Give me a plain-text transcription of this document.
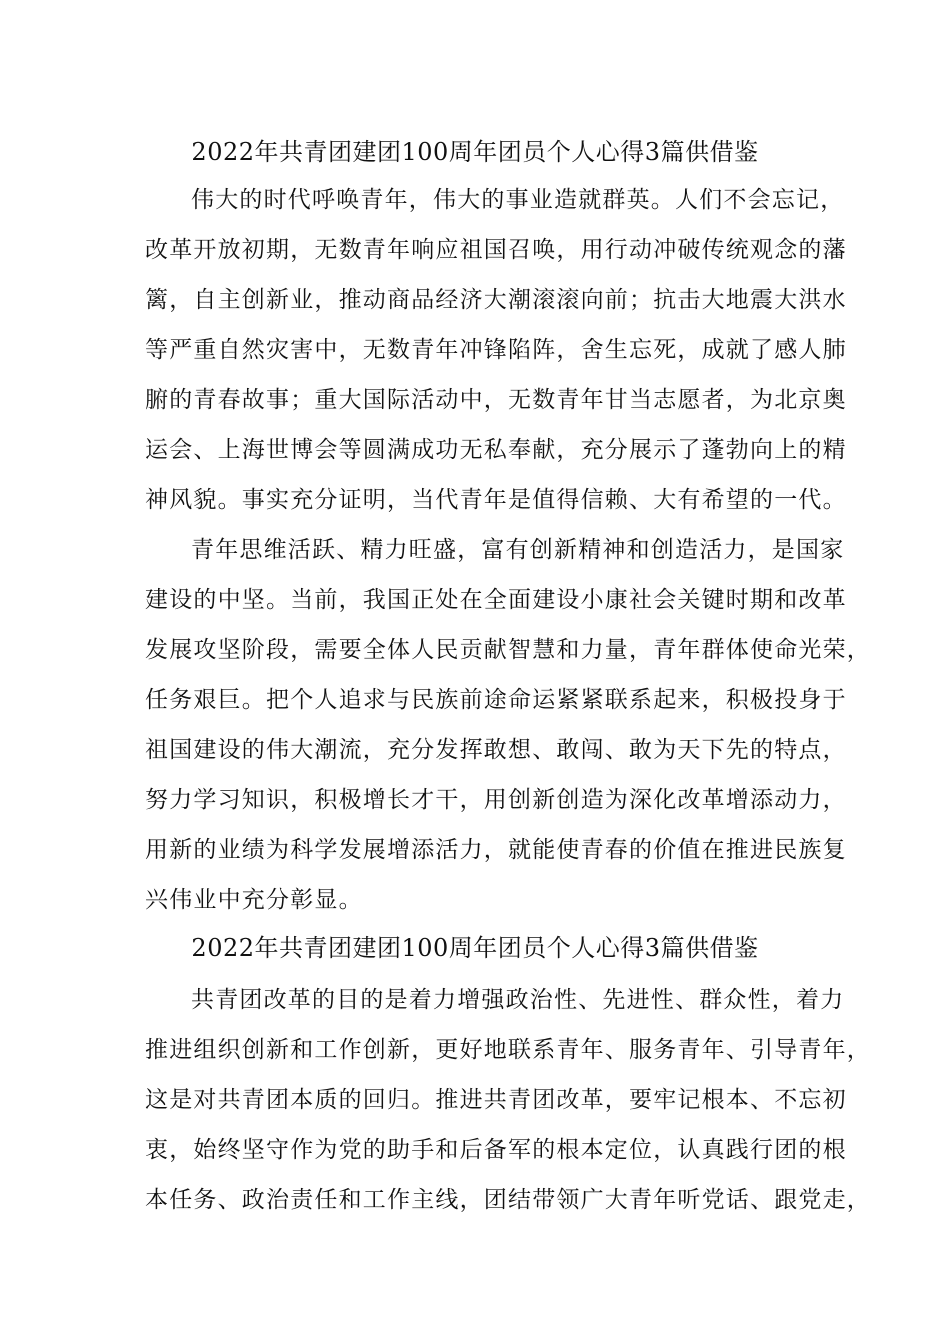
2022年共青团建团100周年团员个人心得3篇供借鉴
伟大的时代呼唤青年，伟大的事业造就群英。人们不会忘记，
改革开放初期，无数青年响应祖国召唤，用行动冲破传统观念的藩
篱，自主创新业，推动商品经济大潮滚滚向前；抗击大地震大洪水
等严重自然灾害中，无数青年冲锋陷阵，舍生忘死，成就了感人肺
腑的青春故事；重大国际活动中，无数青年甘当志愿者，为北京奥
运会、上海世博会等圆满成功无私奉献，充分展示了蓬勃向上的精
神风貌。事实充分证明，当代青年是值得信赖、大有希望的一代。
青年思维活跃、精力旺盛，富有创新精神和创造活力，是国家
建设的中坚。当前，我国正处在全面建设小康社会关键时期和改革
发展攻坚阶段，需要全体人民贡献智慧和力量，青年群体使命光荣，
任务艰巨。把个人追求与民族前途命运紧紧联系起来，积极投身于
祖国建设的伟大潮流，充分发挥敢想、敢闯、敢为天下先的特点，
努力学习知识，积极增长才干，用创新创造为深化改革增添动力，
用新的业绩为科学发展增添活力，就能使青春的价值在推进民族复
兴伟业中充分彰显。
2022年共青团建团100周年团员个人心得3篇供借鉴
共青团改革的目的是着力增强政治性、先进性、群众性，着力
推进组织创新和工作创新，更好地联系青年、服务青年、引导青年，
这是对共青团本质的回归。推进共青团改革，要牢记根本、不忘初
衷，始终坚守作为党的助手和后备军的根本定位，认真践行团的根
本任务、政治责任和工作主线，团结带领广大青年听党话、跟党走，
